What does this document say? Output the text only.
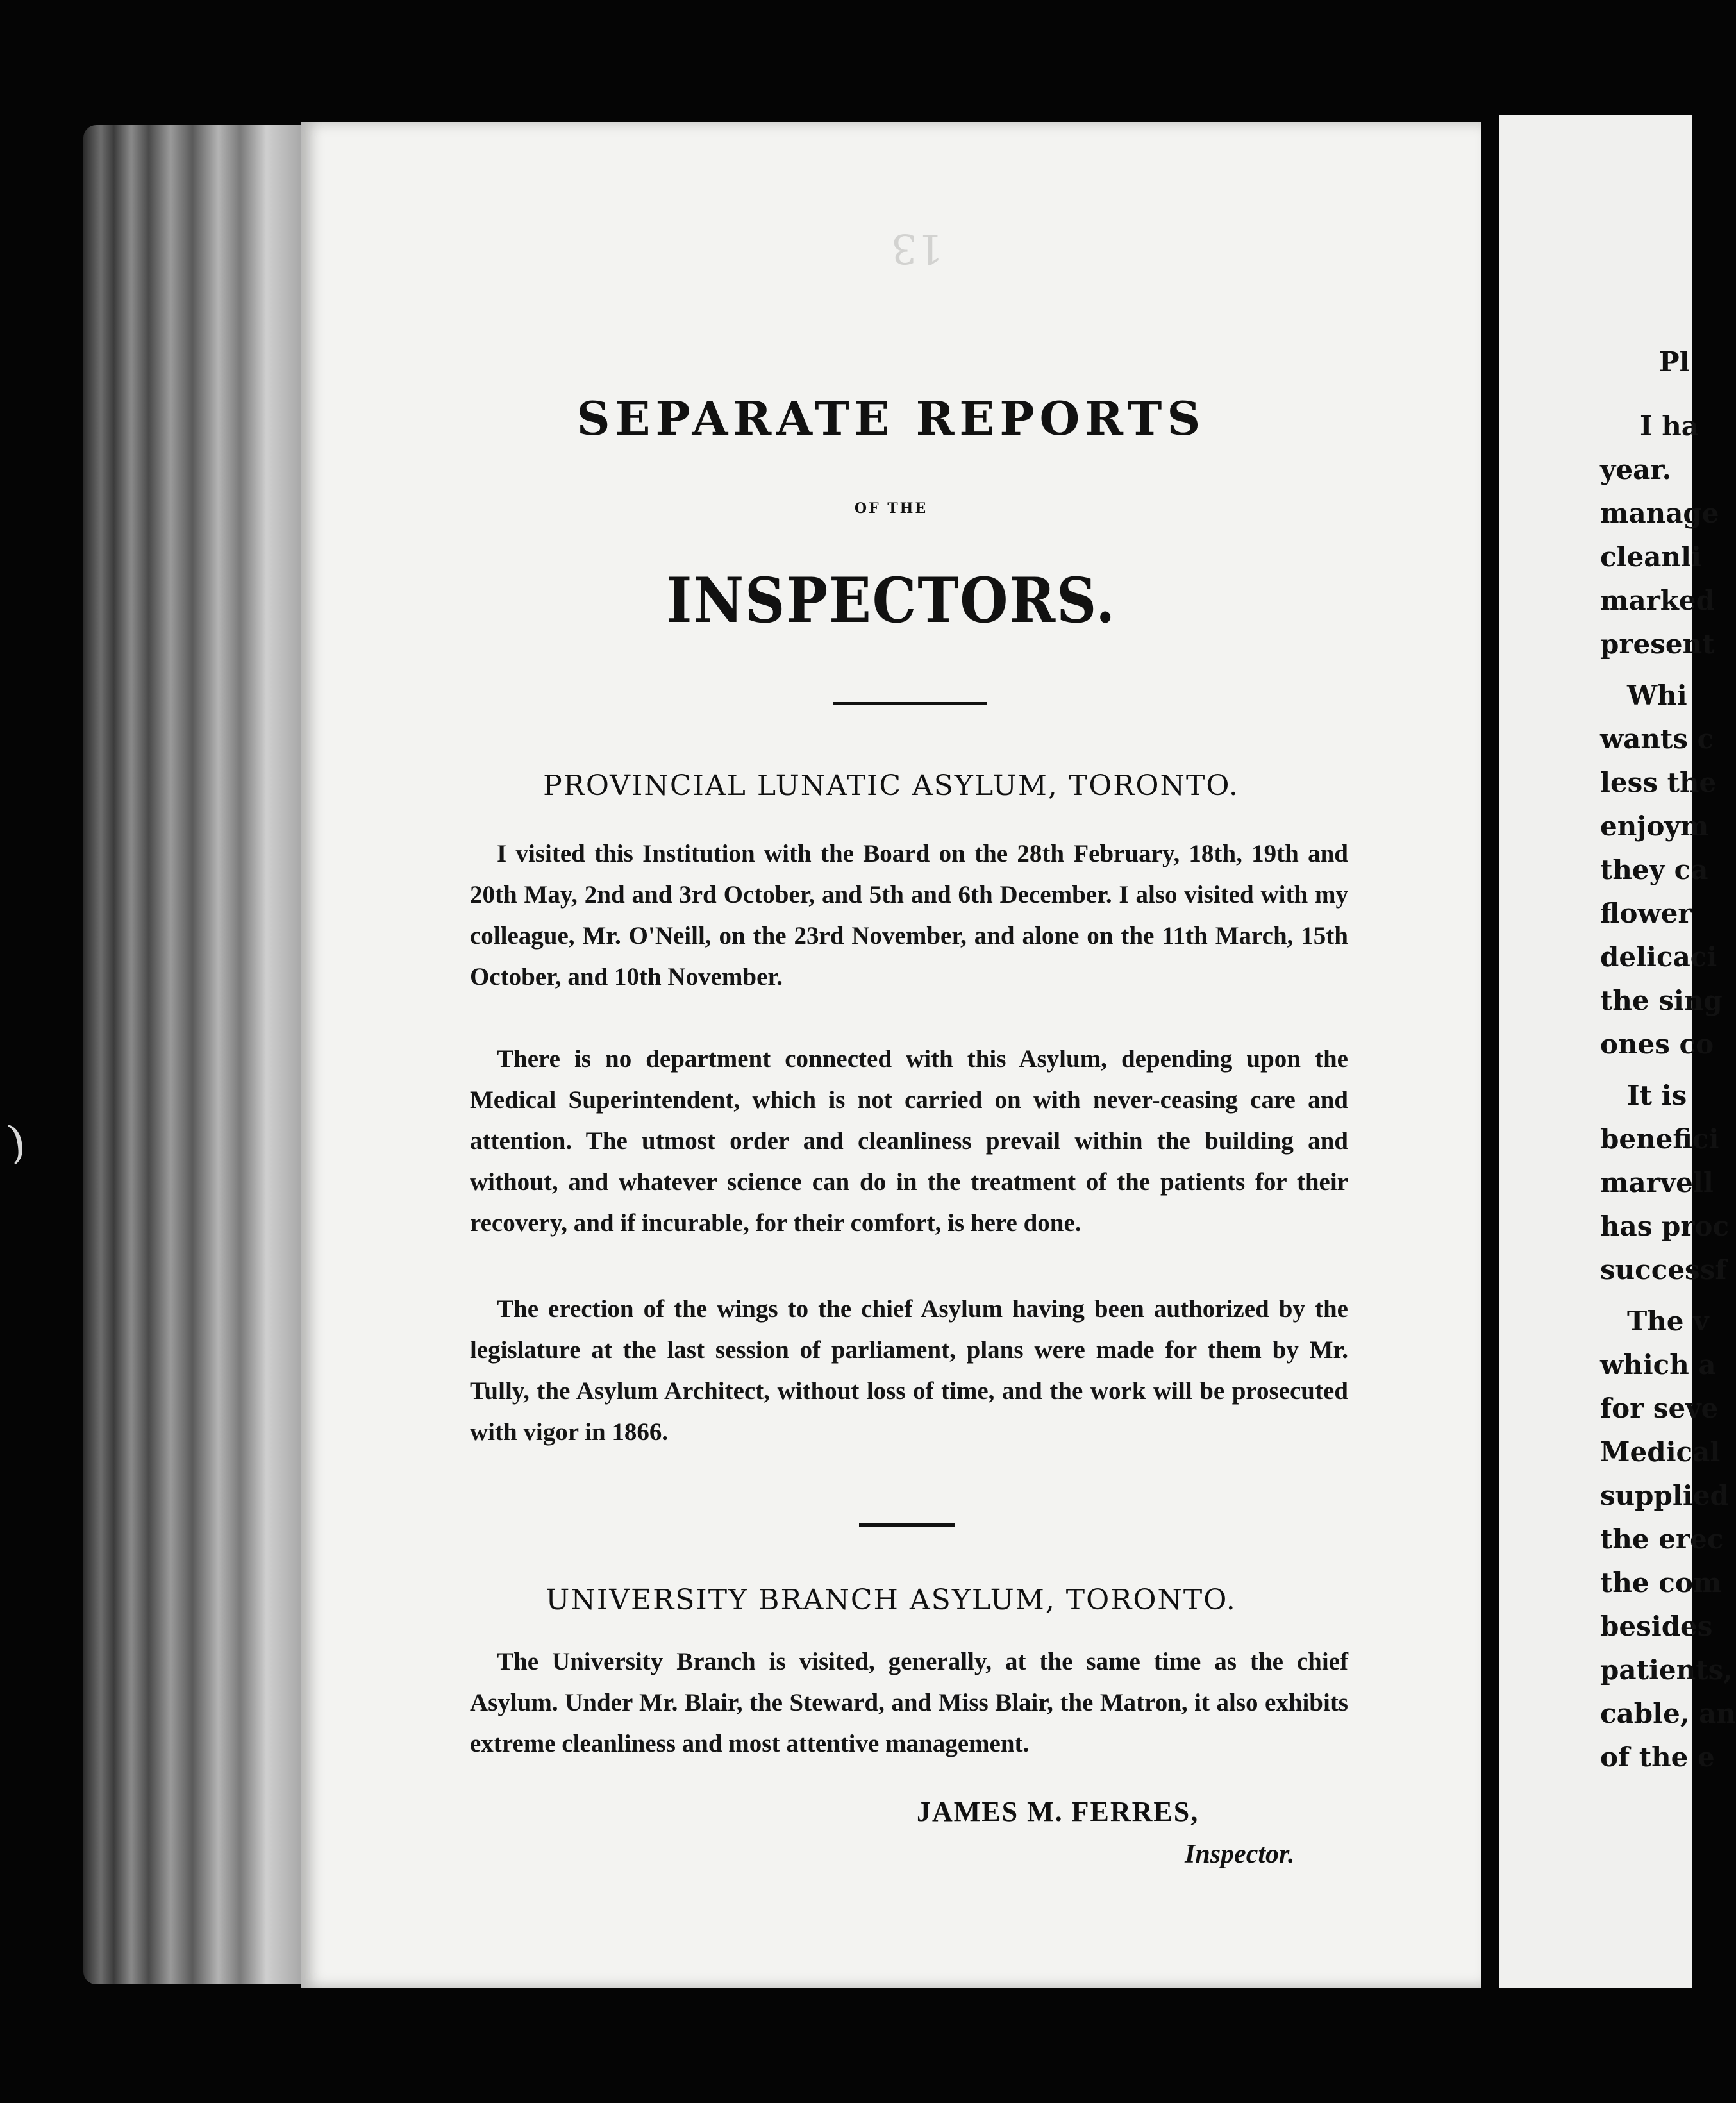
13
SEPARATE REPORTS
OF THE
INSPECTORS.
PROVINCIAL LUNATIC ASYLUM, TORONTO.
I visited this Institution with the Board on the 28th February, 18th, 19th and 20th May, 2nd and 3rd October, and 5th and 6th December. I also visited with my colleague, Mr. O'Neill, on the 23rd November, and alone on the 11th March, 15th October, and 10th November.
There is no department connected with this Asylum, depending upon the Medical Superintendent, which is not carried on with never-ceasing care and attention. The utmost order and cleanliness prevail within the building and without, and whatever science can do in the treatment of the patients for their recovery, and if incurable, for their comfort, is here done.
The erection of the wings to the chief Asylum having been authorized by the legislature at the last session of parliament, plans were made for them by Mr. Tully, the Asylum Architect, without loss of time, and the work will be prosecuted with vigor in 1866.
UNIVERSITY BRANCH ASYLUM, TORONTO.
The University Branch is visited, generally, at the same time as the chief Asylum. Under Mr. Blair, the Steward, and Miss Blair, the Matron, it also exhibits extreme cleanliness and most attentive management.
JAMES M. FERRES,
Inspector.
Pl
I ha
year.
manage
cleanli
marked
present
Whi
wants c
less the
enjoym
they ca
flower
delicaci
the sing
ones co
It is
benefici
marvell
has proc
successf
The v
which a
for seve
Medical
supplied
the erec
the com
besides
patients,
cable, an
of the e
)
